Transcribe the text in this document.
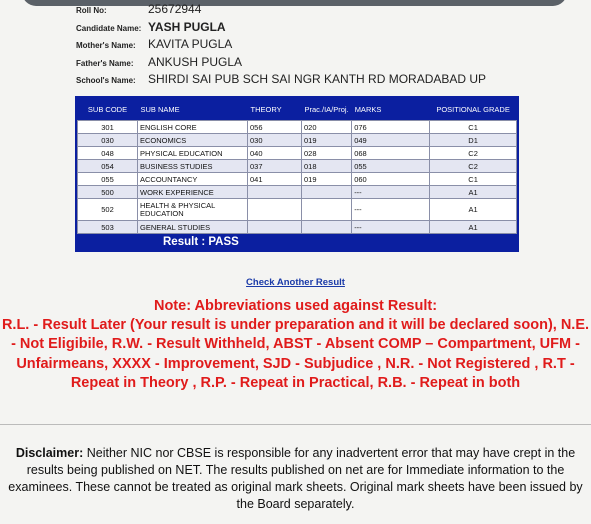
Roll No:	25672944
Candidate Name: YASH PUGLA
Mother's Name:	KAVITA PUGLA
Father's Name:	ANKUSH PUGLA
School's Name:	SHIRDI SAI PUB SCH SAI NGR KANTH RD MORADABAD UP
SUB CODE	SUB NAME	THEORY	Prac./IA/Proj.	MARKS	POSITIONAL GRADE
301	ENGLISH CORE	056	020	076	C1
030	ECONOMICS	030	019	049	D1
048	PHYSICAL EDUCATION	040	028	068	C2
054	BUSINESS STUDIES	037	018	055	C2
055	ACCOUNTANCY	041	019	060	C1
500	WORK EXPERIENCE			---	A1
502	HEALTH & PHYSICAL EDUCATION			---	A1
503	GENERAL STUDIES			---	A1
Result : PASS
Check Another Result

Note: Abbreviations used against Result:

R.L. - Result Later (Your result is under preparation and it will be declared soon), N.E. - Not Eligibile, R.W. - Result Withheld, ABST - Absent COMP – Compartment, UFM - Unfairmeans, XXXX - Improvement, SJD - Subjudice , N.R. - Not Registered , R.T - Repeat in Theory , R.P. - Repeat in Practical, R.B. - Repeat in both

Disclaimer: Neither NIC nor CBSE is responsible for any inadvertent error that may have crept in the results being published on NET. The results published on net are for Immediate information to the examinees. These cannot be treated as original mark sheets. Original mark sheets have been issued by the Board separately.
